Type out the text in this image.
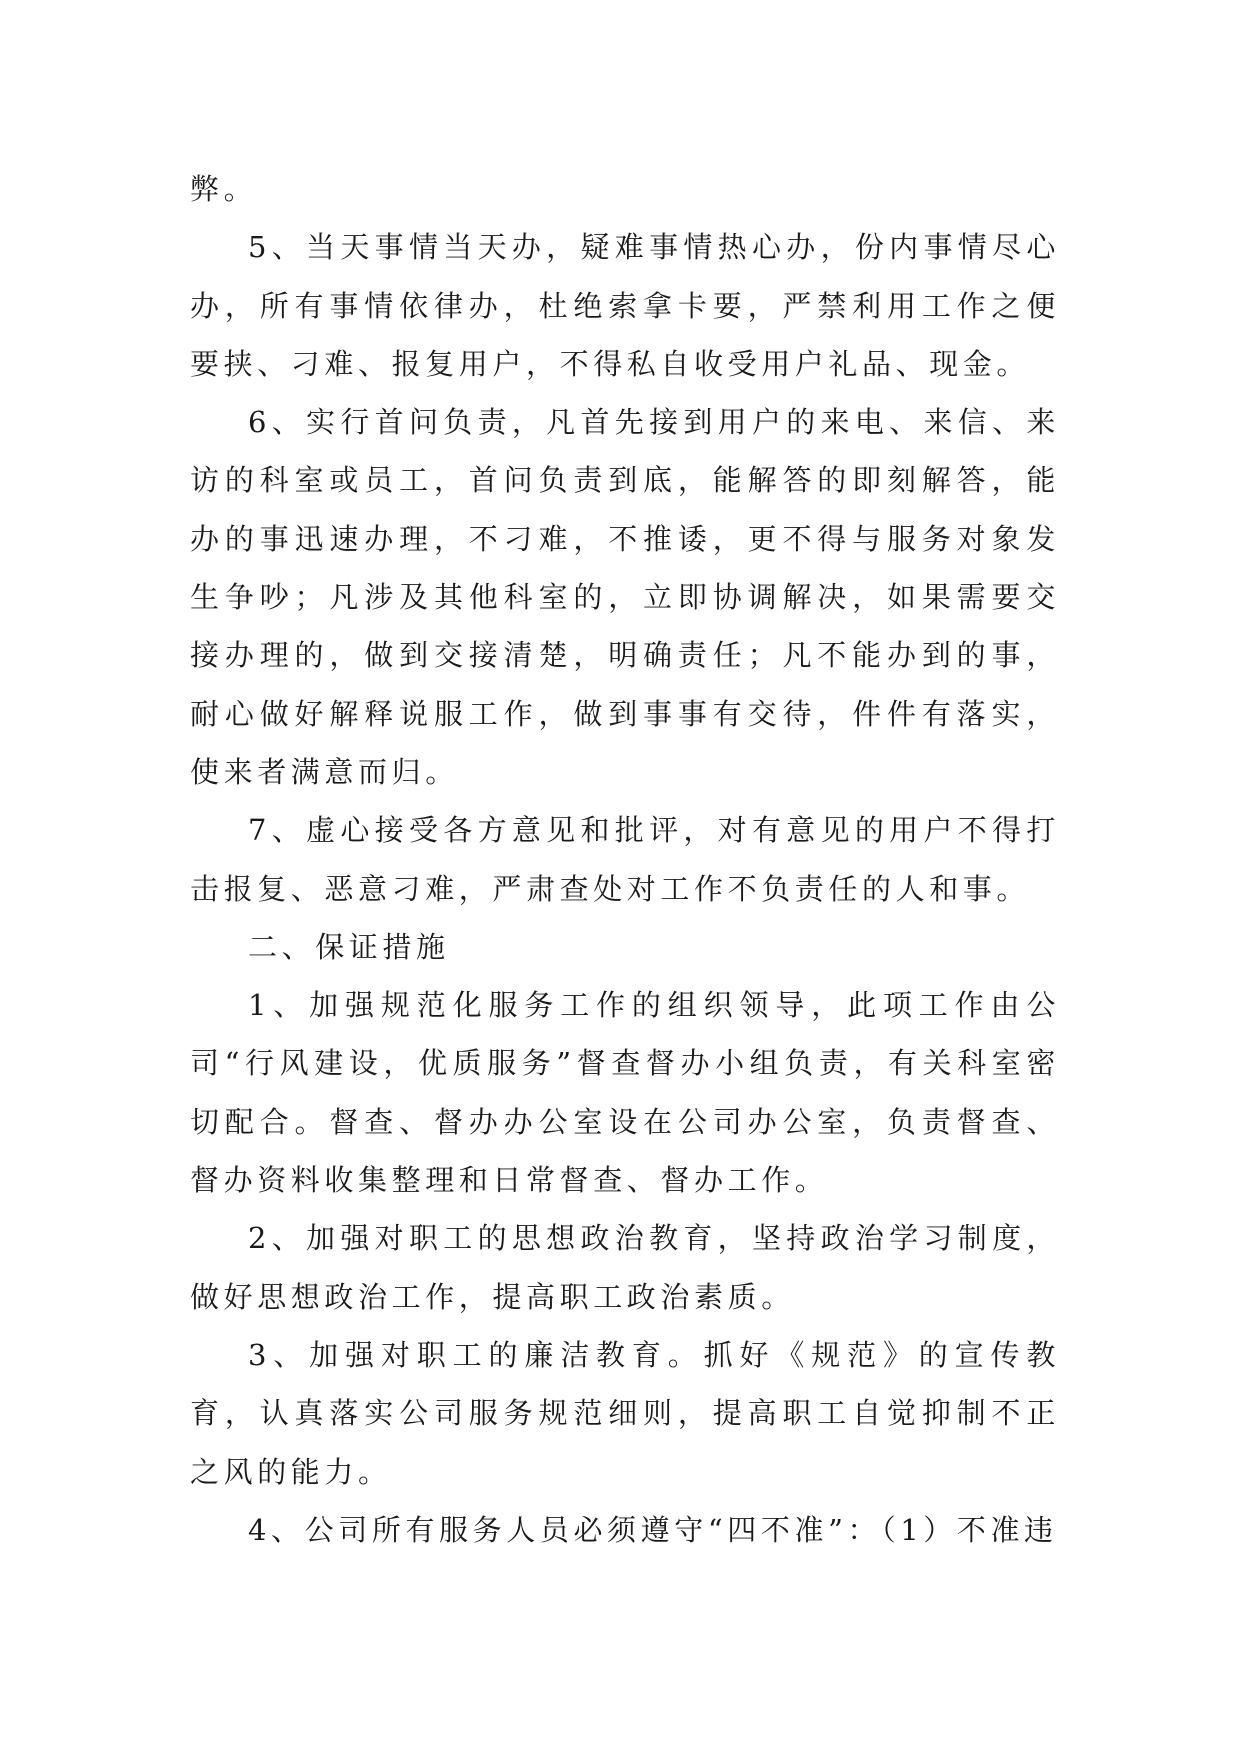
弊。

5、当天事情当天办，疑难事情热心办，份内事情尽心办，所有事情依律办，杜绝索拿卡要，严禁利用工作之便要挟、刁难、报复用户，不得私自收受用户礼品、现金。

6、实行首问负责，凡首先接到用户的来电、来信、来访的科室或员工，首问负责到底，能解答的即刻解答，能办的事迅速办理，不刁难，不推诿，更不得与服务对象发生争吵；凡涉及其他科室的，立即协调解决，如果需要交接办理的，做到交接清楚，明确责任；凡不能办到的事，耐心做好解释说服工作，做到事事有交待，件件有落实，使来者满意而归。

7、虚心接受各方意见和批评，对有意见的用户不得打击报复、恶意刁难，严肃查处对工作不负责任的人和事。

二、保证措施

1、加强规范化服务工作的组织领导，此项工作由公司“行风建设，优质服务”督查督办小组负责，有关科室密切配合。督查、督办办公室设在公司办公室，负责督查、督办资料收集整理和日常督查、督办工作。

2、加强对职工的思想政治教育，坚持政治学习制度，做好思想政治工作，提高职工政治素质。

3、加强对职工的廉洁教育。抓好《规范》的宣传教育，认真落实公司服务规范细则，提高职工自觉抑制不正之风的能力。

4、公司所有服务人员必须遵守“四不准”：（1）不准违
